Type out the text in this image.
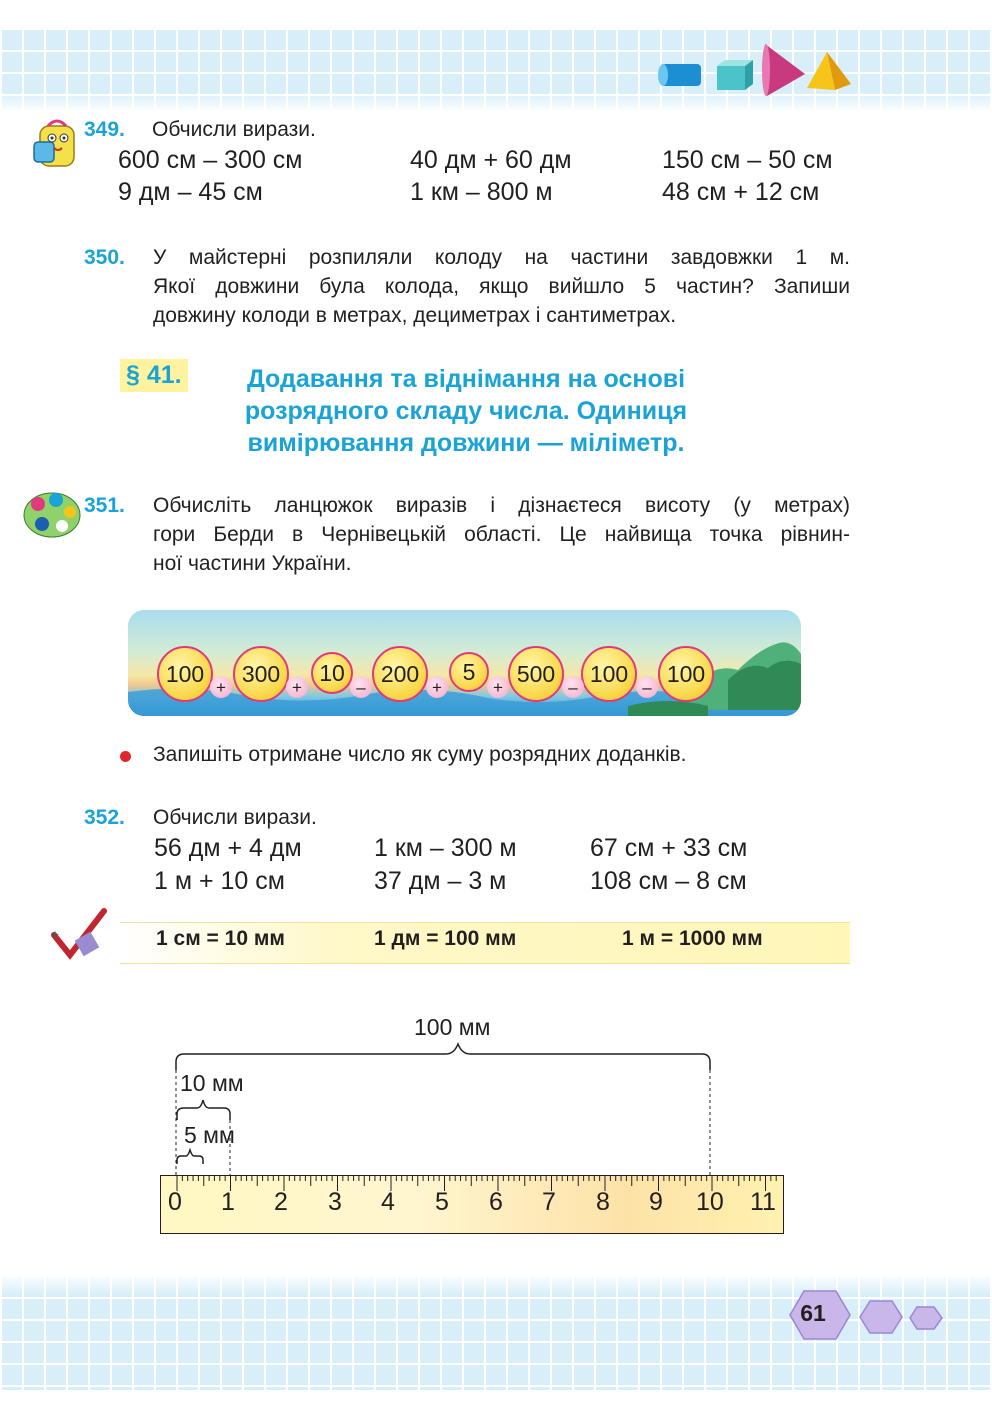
349. Обчисли вирази.
600 см – 300 см	40 дм + 60 дм	150 см – 50 см
9 дм – 45 см	1 км – 800 м	48 см + 12 см
350. У майстерні розпиляли колоду на частини завдовжки 1 м.
Якої довжини була колода, якщо вийшло 5 частин? Запиши
довжину колоди в метрах, дециметрах і сантиметрах.
§ 41.	Додавання та віднімання на основі
розрядного складу числа. Одиниця
вимірювання довжини — міліметр.
351. Обчисліть ланцюжок виразів і дізнаєтеся висоту (у метрах)
гори Берди в Чернівецькій області. Це найвища точка рівнин-
ної частини України.
100	300	10	200	5	500	100	100
+	+	–	+	+	–	–
Запишіть отримане число як суму розрядних доданків.
352. Обчисли вирази.
56 дм + 4 дм	1 км – 300 м	67 см + 33 см
1 м + 10 см	37 дм – 3 м	108 см – 8 см
✦	1 см = 10 мм	1 дм = 100 мм	1 м = 1000 мм
100 мм
10 мм
5 мм
0 1 2 3 4 5 6 7 8 9 10 11
61
